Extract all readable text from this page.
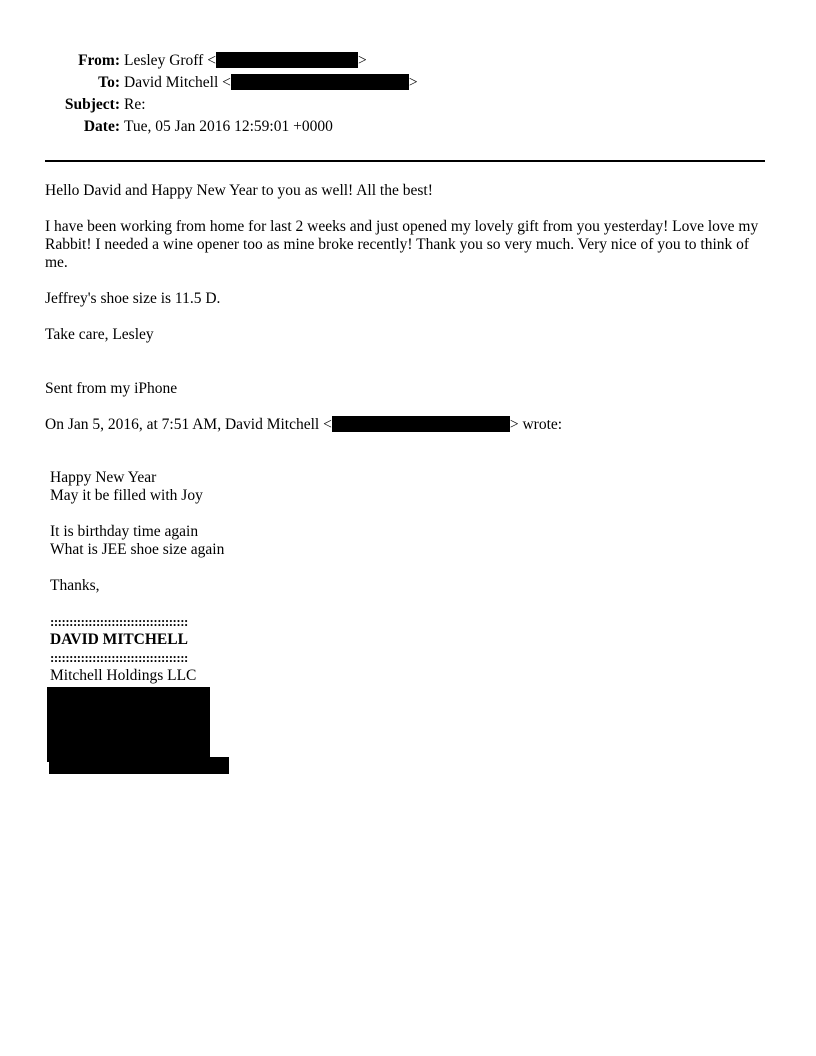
From: Lesley Groff <	>
To: David Mitchell <	>
Subject: Re:
Date: Tue, 05 Jan 2016 12:59:01 +0000

Hello David and Happy New Year to you as well! All the best!

I have been working from home for last 2 weeks and just opened my lovely gift from you yesterday! Love love my Rabbit! I needed a wine opener too as mine broke recently! Thank you so very much. Very nice of you to think of me.

Jeffrey's shoe size is 11.5 D.

Take care, Lesley

Sent from my iPhone

On Jan 5, 2016, at 7:51 AM, David Mitchell <	> wrote:

Happy New Year
May it be filled with Joy
It is birthday time again
What is JEE shoe size again
Thanks,
::::::::::::::::::::::::::::::::::::
DAVID MITCHELL
::::::::::::::::::::::::::::::::::::
Mitchell Holdings LLC
